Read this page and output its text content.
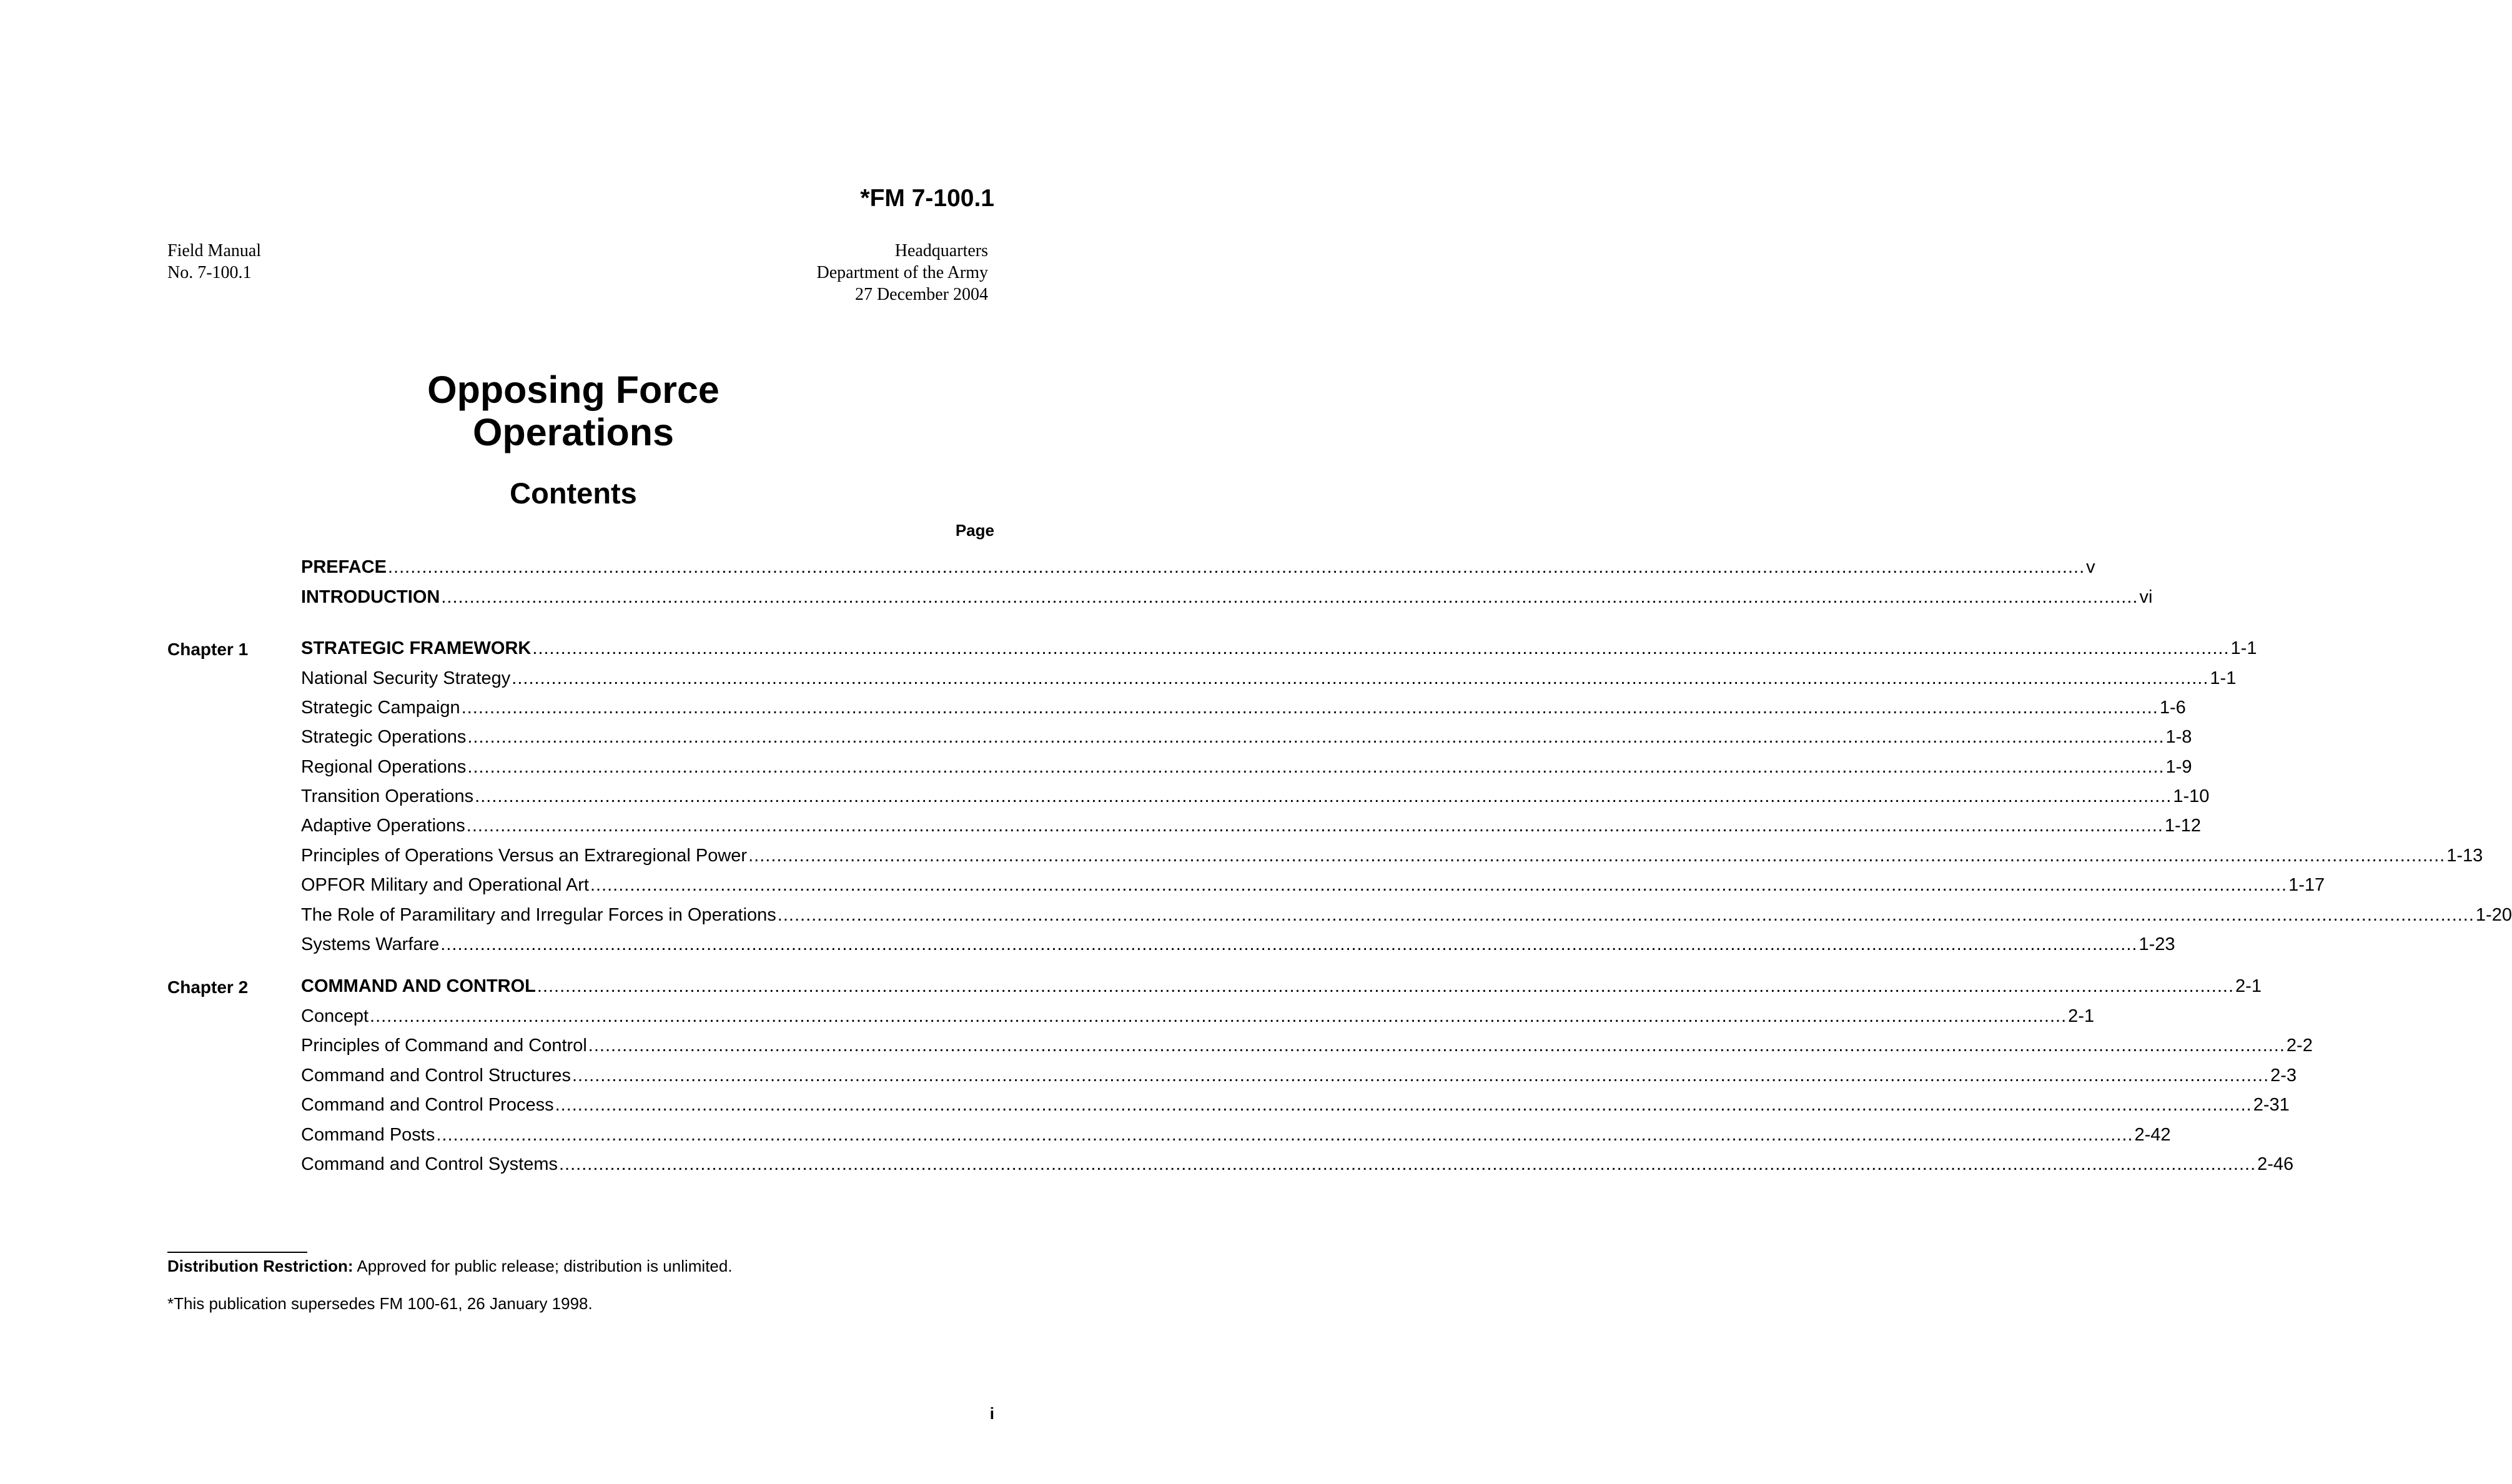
*FM 7-100.1
Field Manual
No. 7-100.1
Headquarters
Department of the Army
27 December 2004
Opposing Force
Operations
Contents
Page
PREFACE ............................................................................................................................................................................................................................................................................................................ v
INTRODUCTION ............................................................................................................................................................................................................................................................................................................ vi
Chapter 1	STRATEGIC FRAMEWORK ............................................................................................................................................................................................................................................................................................................ 1-1
National Security Strategy ............................................................................................................................................................................................................................................................................................................ 1-1
Strategic Campaign ............................................................................................................................................................................................................................................................................................................ 1-6
Strategic Operations ............................................................................................................................................................................................................................................................................................................ 1-8
Regional Operations ............................................................................................................................................................................................................................................................................................................ 1-9
Transition Operations ............................................................................................................................................................................................................................................................................................................ 1-10
Adaptive Operations ............................................................................................................................................................................................................................................................................................................ 1-12
Principles of Operations Versus an Extraregional Power ............................................................................................................................................................................................................................................................................................................ 1-13
OPFOR Military and Operational Art ............................................................................................................................................................................................................................................................................................................ 1-17
The Role of Paramilitary and Irregular Forces in Operations ............................................................................................................................................................................................................................................................................................................ 1-20
Systems Warfare ............................................................................................................................................................................................................................................................................................................ 1-23
Chapter 2	COMMAND AND CONTROL ............................................................................................................................................................................................................................................................................................................ 2-1
Concept ............................................................................................................................................................................................................................................................................................................ 2-1
Principles of Command and Control ............................................................................................................................................................................................................................................................................................................ 2-2
Command and Control Structures ............................................................................................................................................................................................................................................................................................................ 2-3
Command and Control Process ............................................................................................................................................................................................................................................................................................................ 2-31
Command Posts ............................................................................................................................................................................................................................................................................................................ 2-42
Command and Control Systems ............................................................................................................................................................................................................................................................................................................ 2-46
Distribution Restriction: Approved for public release; distribution is unlimited.
*This publication supersedes FM 100-61, 26 January 1998.
i
